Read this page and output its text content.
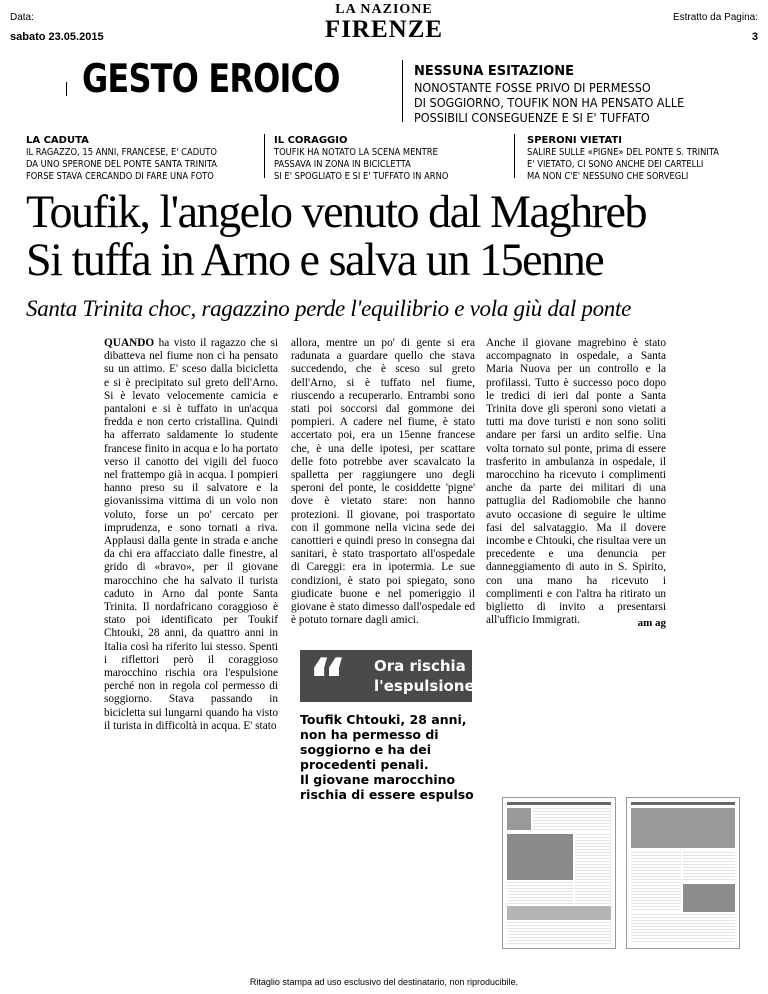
Data:
sabato 23.05.2015
LA NAZIONE
FIRENZE	Estratto da Pagina:
3
GESTO EROICO	NESSUNA ESITAZIONE
NONOSTANTE FOSSE PRIVO DI PERMESSO
DI SOGGIORNO, TOUFIK NON HA PENSATO ALLE
POSSIBILI CONSEGUENZE E SI E' TUFFATO
LA CADUTA
IL RAGAZZO, 15 ANNI, FRANCESE, E' CADUTO
DA UNO SPERONE DEL PONTE SANTA TRINITA
FORSE STAVA CERCANDO DI FARE UNA FOTO
IL CORAGGIO
TOUFIK HA NOTATO LA SCENA MENTRE
PASSAVA IN ZONA IN BICICLETTA
SI E' SPOGLIATO E SI E' TUFFATO IN ARNO
SPERONI VIETATI
SALIRE SULLE «PIGNE» DEL PONTE S. TRINITA
E' VIETATO, CI SONO ANCHE DEI CARTELLI
MA NON C'E' NESSUNO CHE SORVEGLI
Toufik, l'angelo venuto dal Maghreb
Si tuffa in Arno e salva un 15enne
Santa Trinita choc, ragazzino perde l'equilibrio e vola giù dal ponte

QUANDO ha visto il ragazzo che si dibatteva nel fiume non ci ha pensato su un attimo. E' sceso dalla bicicletta e si è precipitato sul greto dell'Arno. Si è levato velocemente camicia e pantaloni e si è tuffato in un'acqua fredda e non certo cristallina. Quindi ha afferrato saldamente lo studente francese finito in acqua e lo ha portato verso il canotto dei vigili del fuoco nel frattempo già in acqua. I pompieri hanno preso su il salvatore e la giovanissima vittima di un volo non voluto, forse un po' cercato per imprudenza, e sono tornati a riva. Applausi dalla gente in strada e anche da chi era affacciato dalle finestre, al grido di «bravo», per il giovane marocchino che ha salvato il turista caduto in Arno dal ponte Santa Trinita. Il nordafricano coraggioso è stato poi identificato per Toukif Chtouki, 28 anni, da quattro anni in Italia così ha riferito lui stesso. Spenti i riflettori però il coraggioso marocchino rischia ora l'espulsione perché non in regola col permesso di soggiorno. Stava passando in bicicletta sui lungarni quando ha visto il turista in difficoltà in acqua. E' stato

allora, mentre un po' di gente si era radunata a guardare quello che stava succedendo, che è sceso sul greto dell'Arno, si è tuffato nel fiume, riuscendo a recuperarlo. Entrambi sono stati poi soccorsi dal gommone dei pompieri. A cadere nel fiume, è stato accertato poi, era un 15enne francese che, è una delle ipotesi, per scattare delle foto potrebbe aver scavalcato la spalletta per raggiungere uno degli speroni del ponte, le cosiddette 'pigne' dove è vietato stare: non hanno protezioni. Il giovane, poi trasportato con il gommone nella vicina sede dei canottieri e quindi preso in consegna dai sanitari, è stato trasportato all'ospedale di Careggi: era in ipotermia. Le sue condizioni, è stato poi spiegato, sono giudicate buone e nel pomeriggio il giovane è stato dimesso dall'ospedale ed è potuto tornare dagli amici.

Anche il giovane magrebino è stato accompagnato in ospedale, a Santa Maria Nuova per un controllo e la profilassi. Tutto è successo poco dopo le tredici di ieri dal ponte a Santa Trinita dove gli speroni sono vietati a tutti ma dove turisti e non sono soliti andare per farsi un ardito selfie. Una volta tornato sul ponte, prima di essere trasferito in ambulanza in ospedale, il marocchino ha ricevuto i complimenti anche da parte dei militari di una pattuglia del Radiomobile che hanno avuto occasione di seguire le ultime fasi del salvataggio. Ma il dovere incombe e Chtouki, che risultaa vere un precedente e una denuncia per danneggiamento di auto in S. Spirito, con una mano ha ricevuto i complimenti e con l'altra ha ritirato un biglietto di invito a presentarsi all'ufficio Immigrati.	am ag
“ Ora rischia
l'espulsione
Toufik Chtouki, 28 anni,
non ha permesso di
soggiorno e ha dei
procedenti penali.
Il giovane marocchino
rischia di essere espulso
Ritaglio stampa ad uso esclusivo del destinatario, non riproducibile.
